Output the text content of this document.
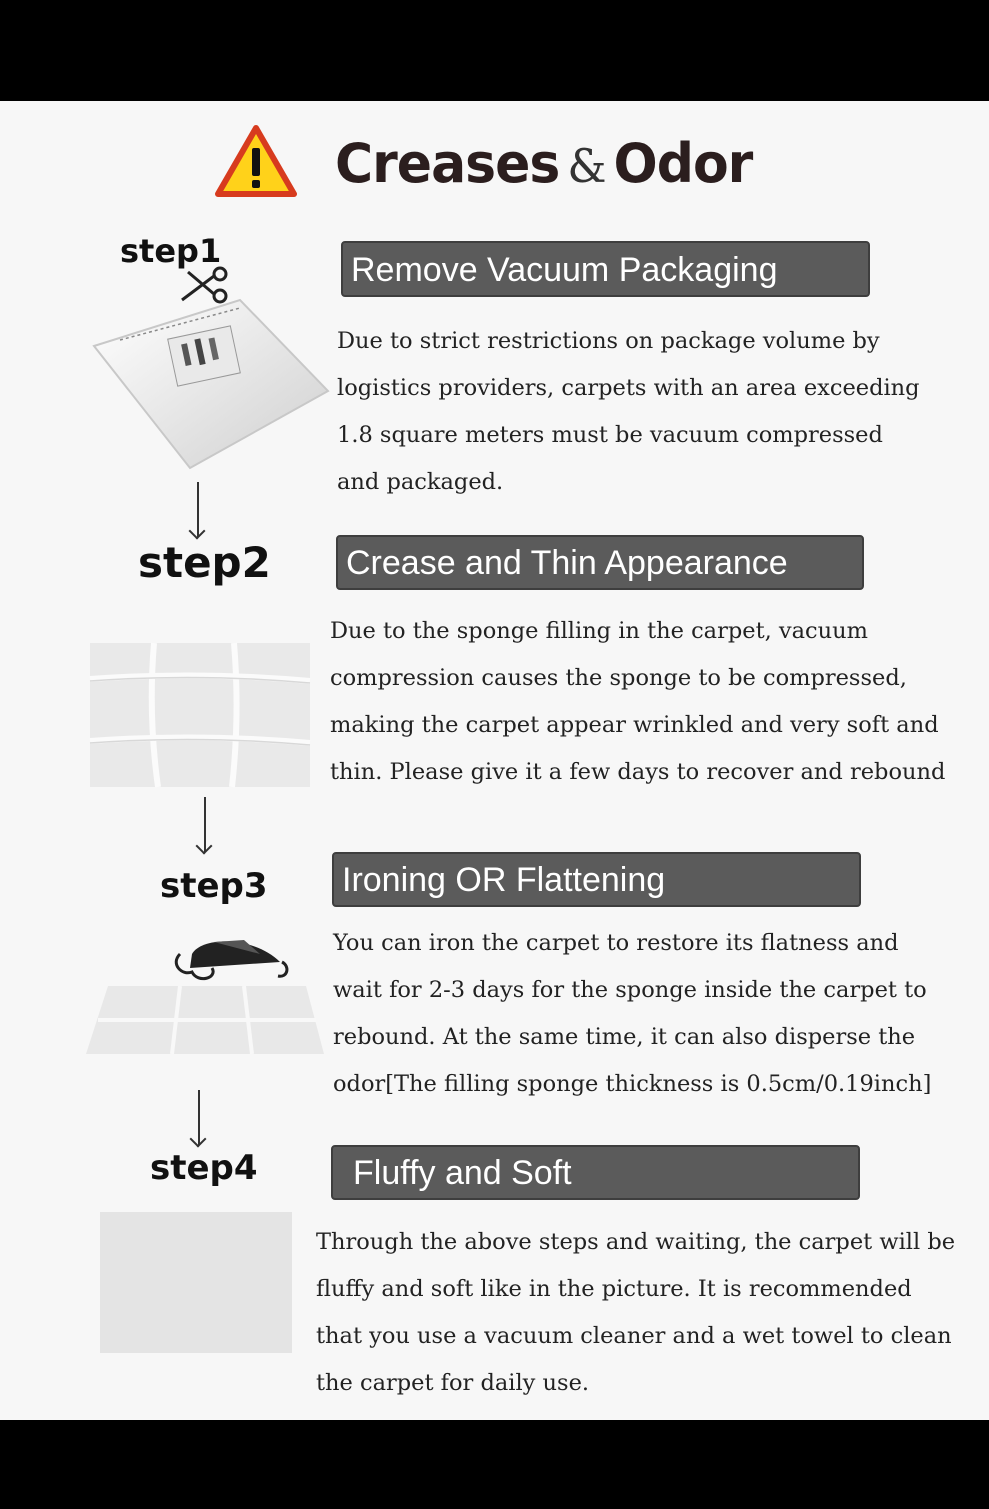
Creases & Odor
step1	Remove Vacuum Packaging
Due to strict restrictions on package volume by
logistics providers, carpets with an area exceeding
1.8 square meters must be vacuum compressed
and packaged.
step2 Crease and Thin Appearance
Due to the sponge filling in the carpet, vacuum
compression causes the sponge to be compressed,
making the carpet appear wrinkled and very soft and
thin. Please give it a few days to recover and rebound
step3 Ironing OR Flattening
You can iron the carpet to restore its flatness and
wait for 2-3 days for the sponge inside the carpet to
rebound. At the same time, it can also disperse the
odor[The filling sponge thickness is 0.5cm/0.19inch]
step4	Fluffy and Soft
Through the above steps and waiting, the carpet will be
fluffy and soft like in the picture. It is recommended
that you use a vacuum cleaner and a wet towel to clean
the carpet for daily use.
